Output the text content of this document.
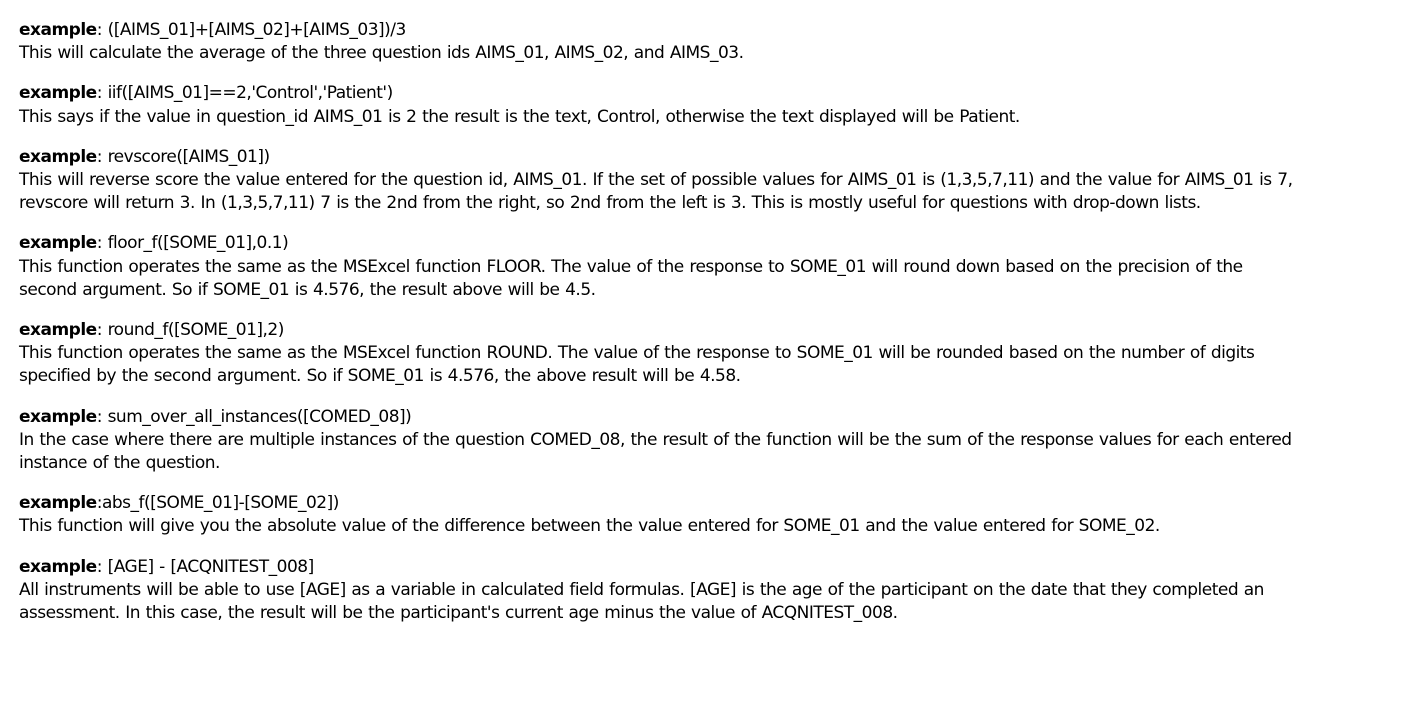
example: ([AIMS_01]+[AIMS_02]+[AIMS_03])/3
This will calculate the average of the three question ids AIMS_01, AIMS_02, and AIMS_03.
example: iif([AIMS_01]==2,'Control','Patient')
This says if the value in question_id AIMS_01 is 2 the result is the text, Control, otherwise the text displayed will be Patient.
example: revscore([AIMS_01])
This will reverse score the value entered for the question id, AIMS_01. If the set of possible values for AIMS_01 is (1,3,5,7,11) and the value for AIMS_01 is 7,
revscore will return 3. In (1,3,5,7,11) 7 is the 2nd from the right, so 2nd from the left is 3. This is mostly useful for questions with drop-down lists.
example: floor_f([SOME_01],0.1)
This function operates the same as the MSExcel function FLOOR. The value of the response to SOME_01 will round down based on the precision of the
second argument. So if SOME_01 is 4.576, the result above will be 4.5.
example: round_f([SOME_01],2)
This function operates the same as the MSExcel function ROUND. The value of the response to SOME_01 will be rounded based on the number of digits
specified by the second argument. So if SOME_01 is 4.576, the above result will be 4.58.
example: sum_over_all_instances([COMED_08])
In the case where there are multiple instances of the question COMED_08, the result of the function will be the sum of the response values for each entered
instance of the question.
example:abs_f([SOME_01]-[SOME_02])
This function will give you the absolute value of the difference between the value entered for SOME_01 and the value entered for SOME_02.
example: [AGE] - [ACQNITEST_008]
All instruments will be able to use [AGE] as a variable in calculated field formulas. [AGE] is the age of the participant on the date that they completed an
assessment. In this case, the result will be the participant's current age minus the value of ACQNITEST_008.
